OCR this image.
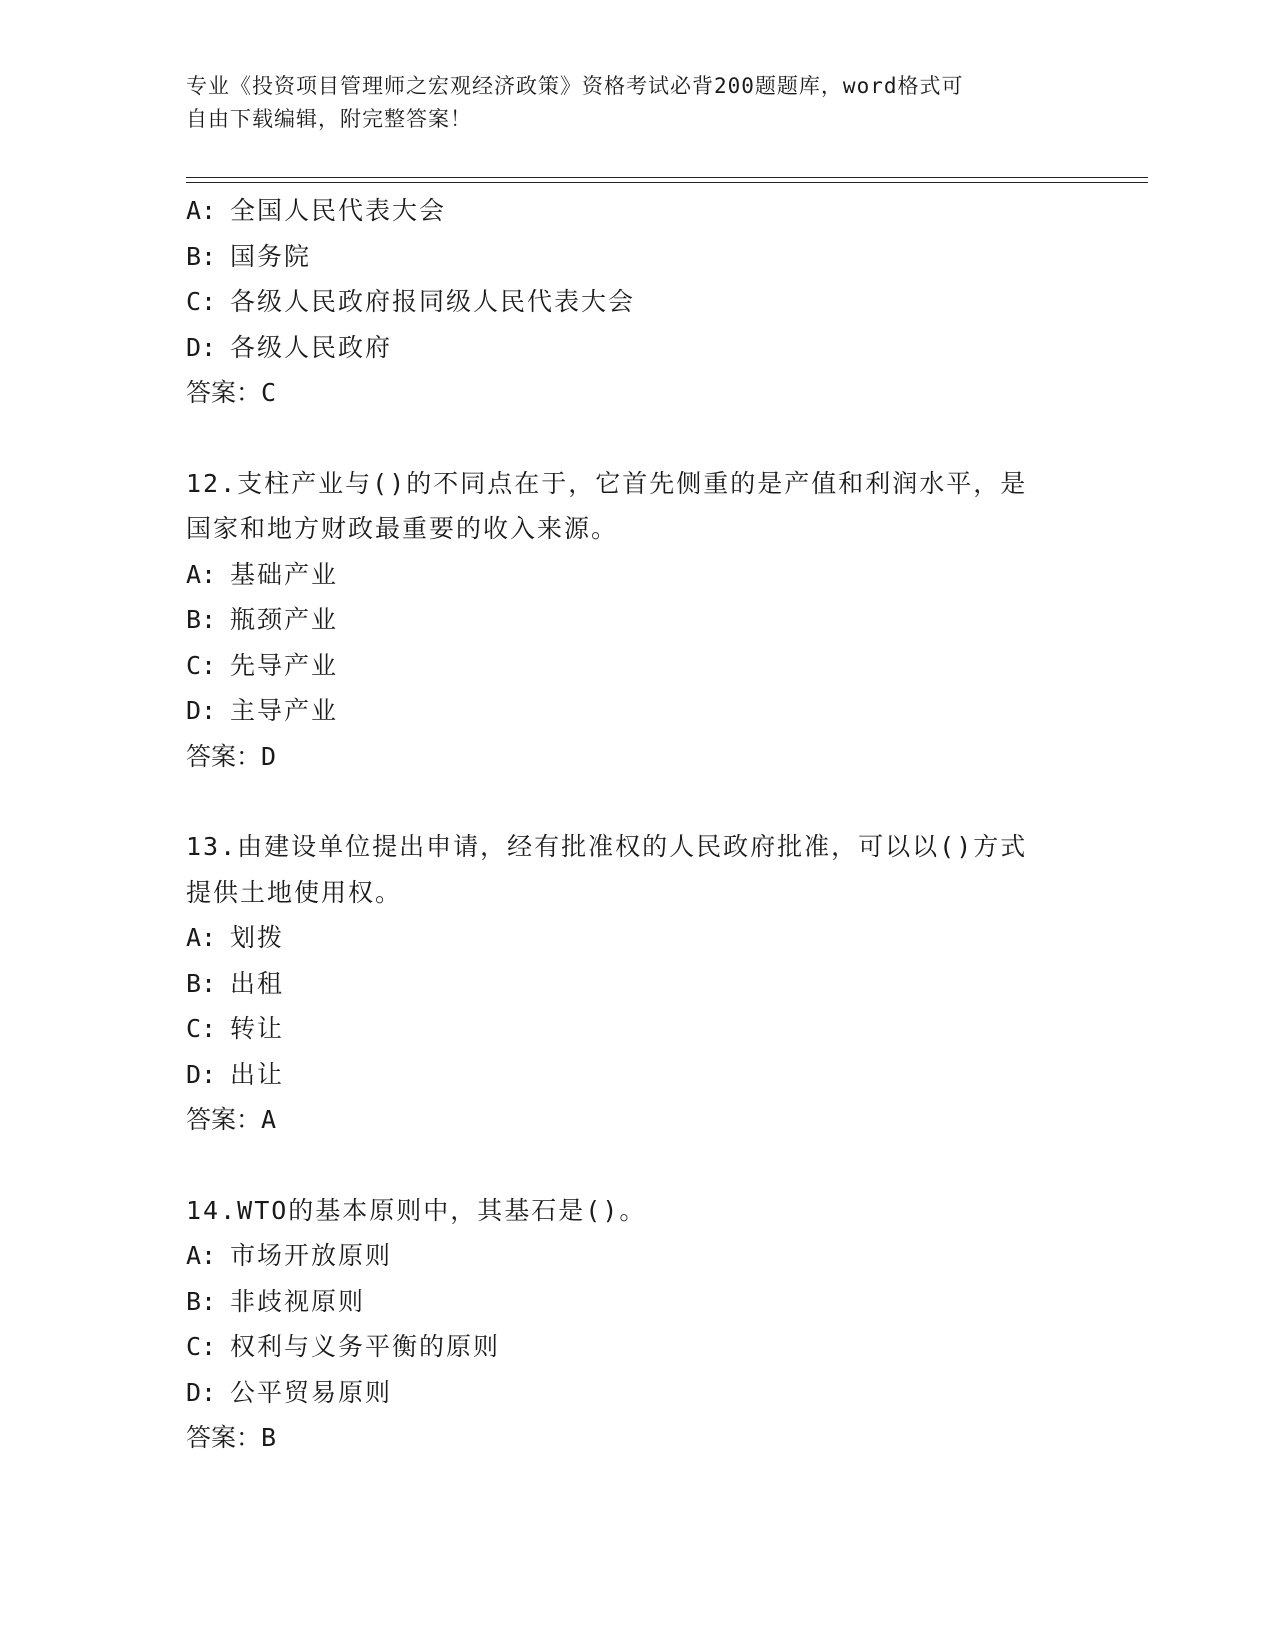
专业《投资项目管理师之宏观经济政策》资格考试必背200题题库，word格式可
自由下载编辑，附完整答案！
A: 全国人民代表大会
B: 国务院
C: 各级人民政府报同级人民代表大会
D: 各级人民政府
答案：C
12.支柱产业与()的不同点在于，它首先侧重的是产值和利润水平，是
国家和地方财政最重要的收入来源。
A: 基础产业
B: 瓶颈产业
C: 先导产业
D: 主导产业
答案：D
13.由建设单位提出申请，经有批准权的人民政府批准，可以以()方式
提供土地使用权。
A: 划拨
B: 出租
C: 转让
D: 出让
答案：A
14.WTO的基本原则中，其基石是()。
A: 市场开放原则
B: 非歧视原则
C: 权利与义务平衡的原则
D: 公平贸易原则
答案：B
